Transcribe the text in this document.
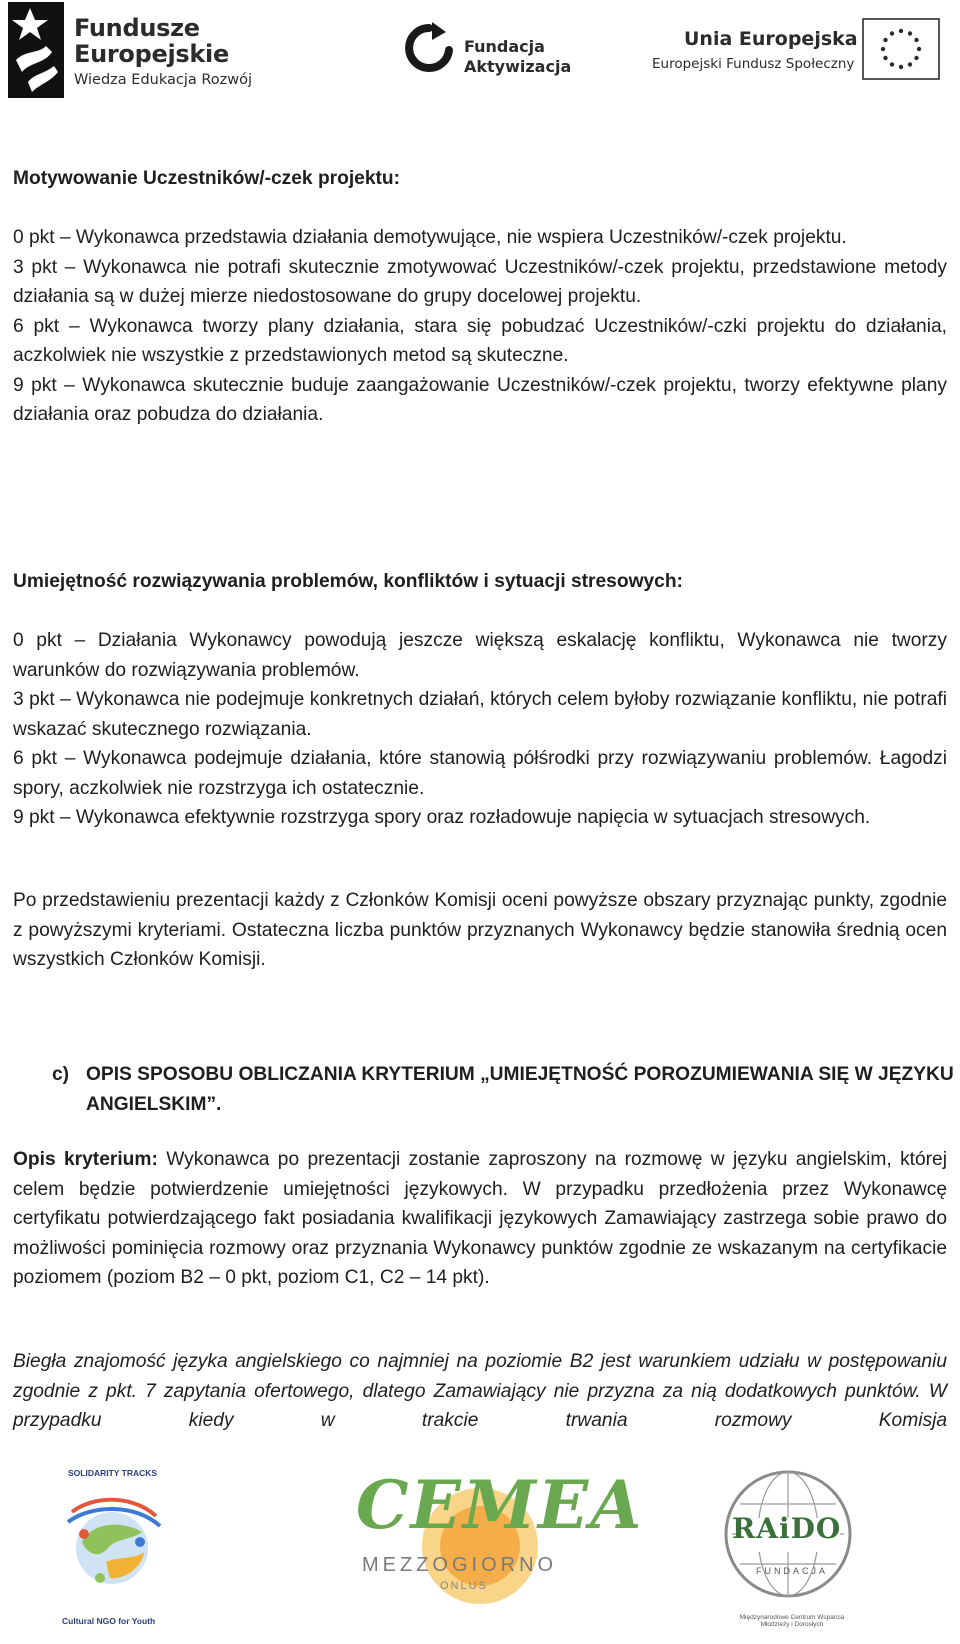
Fundusze
Europejskie
Wiedza Edukacja Rozwój
Fundacja
Aktywizacja
Unia Europejska
Europejski Fundusz Społeczny
Motywowanie Uczestników/-czek projektu:

0 pkt – Wykonawca przedstawia działania demotywujące, nie wspiera Uczestników/-czek projektu.

3 pkt – Wykonawca nie potrafi skutecznie zmotywować Uczestników/-czek projektu, przedstawione metody działania są w dużej mierze niedostosowane do grupy docelowej projektu.

6 pkt – Wykonawca tworzy plany działania, stara się pobudzać Uczestników/-czki projektu do działania, aczkolwiek nie wszystkie z przedstawionych metod są skuteczne.

9 pkt – Wykonawca skutecznie buduje zaangażowanie Uczestników/-czek projektu, tworzy efektywne plany działania oraz pobudza do działania.

Umiejętność rozwiązywania problemów, konfliktów i sytuacji stresowych:

0 pkt – Działania Wykonawcy powodują jeszcze większą eskalację konfliktu, Wykonawca nie tworzy warunków do rozwiązywania problemów.

3 pkt – Wykonawca nie podejmuje konkretnych działań, których celem byłoby rozwiązanie konfliktu, nie potrafi wskazać skutecznego rozwiązania.

6 pkt – Wykonawca podejmuje działania, które stanowią półśrodki przy rozwiązywaniu problemów. Łagodzi spory, aczkolwiek nie rozstrzyga ich ostatecznie.

9 pkt – Wykonawca efektywnie rozstrzyga spory oraz rozładowuje napięcia w sytuacjach stresowych.

Po przedstawieniu prezentacji każdy z Członków Komisji oceni powyższe obszary przyznając punkty, zgodnie z powyższymi kryteriami. Ostateczna liczba punktów przyznanych Wykonawcy będzie stanowiła średnią ocen wszystkich Członków Komisji.

c) OPIS SPOSOBU OBLICZANIA KRYTERIUM „UMIEJĘTNOŚĆ POROZUMIEWANIA SIĘ W JĘZYKU ANGIELSKIM”.

Opis kryterium: Wykonawca po prezentacji zostanie zaproszony na rozmowę w języku angielskim, której celem będzie potwierdzenie umiejętności językowych. W przypadku przedłożenia przez Wykonawcę certyfikatu potwierdzającego fakt posiadania kwalifikacji językowych Zamawiający zastrzega sobie prawo do możliwości pominięcia rozmowy oraz przyznania Wykonawcy punktów zgodnie ze wskazanym na certyfikacie poziomem (poziom B2 – 0 pkt, poziom C1, C2 – 14 pkt).

Biegła znajomość języka angielskiego co najmniej na poziomie B2 jest warunkiem udziału w postępowaniu zgodnie z pkt. 7 zapytania ofertowego, dlatego Zamawiający nie przyzna za nią dodatkowych punktów. W przypadku kiedy w trakcie trwania rozmowy Komisja

SOLIDARITY TRACKS
Cultural NGO for Youth
CEMEA
MEZZOGIORNO
ONLUS
RAiDO
FUNDACJA
Międzynarodowe Centrum Wsparcia Młodzieży i Dorosłych
